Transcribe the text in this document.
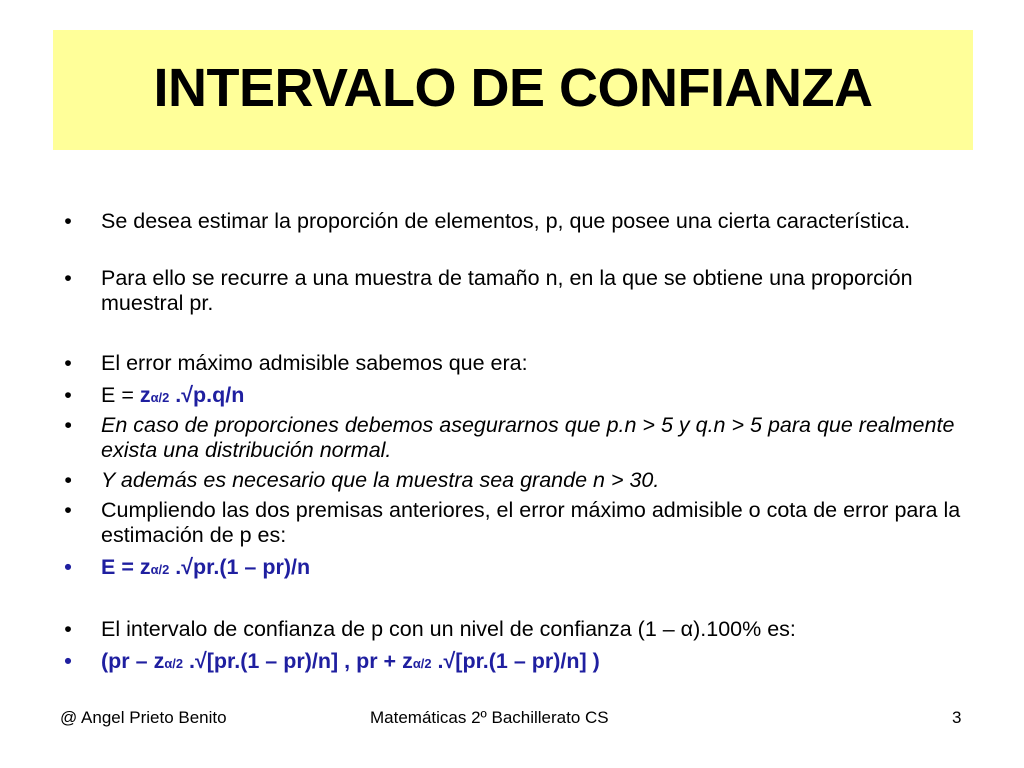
INTERVALO DE CONFIANZA
• Se desea estimar la proporción de elementos, p, que posee una cierta característica.
• Para ello se recurre a una muestra de tamaño n, en la que se obtiene una proporción muestral pr.
• El error máximo admisible sabemos que era:
• $E = z_{\alpha/2}$ .√p.q/n
• En caso de proporciones debemos asegurarnos que p.n > 5 y q.n > 5 para que realmente exista una distribución normal.
• Y además es necesario que la muestra sea grande n > 30.
• Cumpliendo las dos premisas anteriores, el error máximo admisible o cota de error para la estimación de p es:
• $E = z_{\alpha/2}$ .√pr.(1 – pr)/n
• El intervalo de confianza de p con un nivel de confianza (1 – α).100% es:
• ($pr - z_{\alpha/2}$ .√[pr.(1 – pr)/n] , pr + $z_{\alpha/2}$ .√[pr.(1 – pr)/n] )
@ Angel Prieto Benito	Matemáticas 2º Bachillerato CS	3
